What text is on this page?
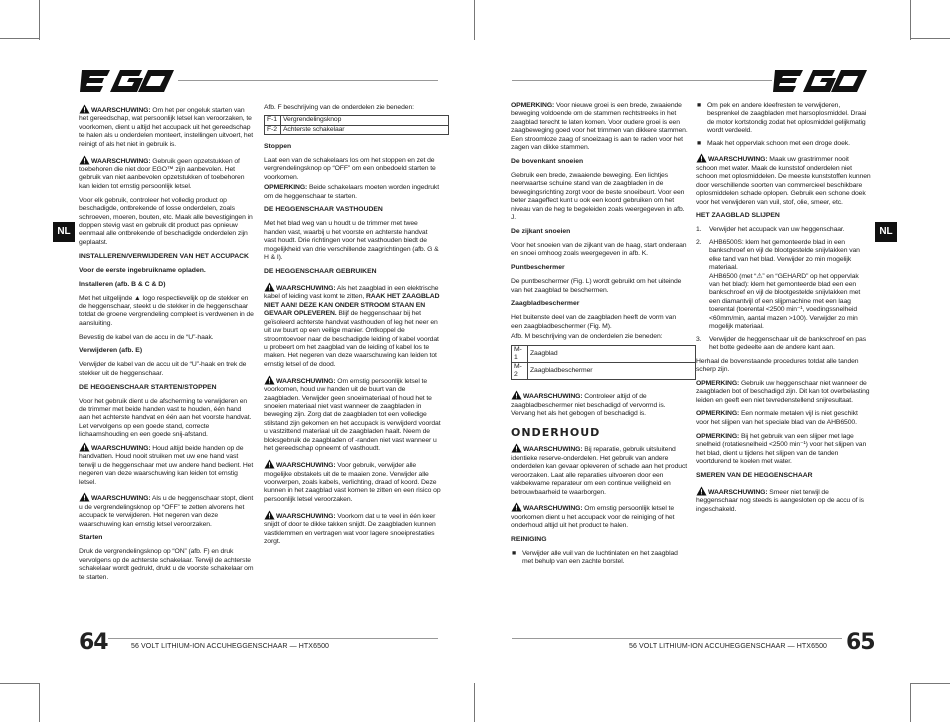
NL	NL

WAARSCHUWING: Om het per ongeluk starten van het gereedschap, wat persoonlijk letsel kan veroorzaken, te voorkomen, dient u altijd het accupack uit het gereedschap te halen als u onderdelen monteert, instellingen uitvoert, het reinigt of als het niet in gebruik is.

WAARSCHUWING: Gebruik geen opzetstukken of toebehoren die niet door EGO™ zijn aanbevolen. Het gebruik van niet aanbevolen opzetstukken of toebehoren kan leiden tot ernstig persoonlijk letsel.

Voor elk gebruik, controleer het volledig product op beschadigde, ontbrekende of losse onderdelen, zoals schroeven, moeren, bouten, etc. Maak alle bevestigingen in doppen stevig vast en gebruik dit product pas opnieuw eenmaal alle ontbrekende of beschadigde onderdelen zijn geplaatst.

INSTALLEREN/VERWIJDEREN VAN HET ACCUPACK
Voor de eerste ingebruikname opladen.
Installeren (afb. B & C & D)

Met het uitgelijnde ▲ logo respectievelijk op de stekker en de heggenschaar, steekt u de stekker in de heggenschaar totdat de groene vergrendeling compleet is verdwenen in de aansluiting.

Bevestig de kabel van de accu in de “U”-haak.

Verwijderen (afb. E)

Verwijder de kabel van de accu uit de “U”-haak en trek de stekker uit de heggenschaar.

DE HEGGENSCHAAR STARTEN/STOPPEN

Voor het gebruik dient u de afscherming te verwijderen en de trimmer met beide handen vast te houden, één hand aan het achterste handvat en één aan het voorste handvat. Let vervolgens op een goede stand, correcte lichaamshouding en een goede snij-afstand.

WAARSCHUWING: Houd altijd beide handen op de handvatten. Houd nooit struiken met uw ene hand vast terwijl u de heggenschaar met uw andere hand bedient. Het negeren van deze waarschuwing kan leiden tot ernstig letsel.

WAARSCHUWING: Als u de heggenschaar stopt, dient u de vergrendelingsknop op “OFF” te zetten alvorens het accupack te verwijderen. Het negeren van deze waarschuwing kan ernstig letsel veroorzaken.

Starten

Druk de vergrendelingsknop op “ON” (afb. F) en druk vervolgens op de achterste schakelaar. Terwijl de achterste schakelaar wordt gedrukt, drukt u de voorste schakelaar om te starten.

Afb. F beschrijving van de onderdelen zie beneden:

F-1	Vergrendelingsknop
F-2	Achterste schakelaar
Stoppen

Laat een van de schakelaars los om het stoppen en zet de vergrendelingsknop op “OFF” om een onbedoeld starten te voorkomen.

OPMERKING: Beide schakelaars moeten worden ingedrukt om de heggenschaar te starten.

DE HEGGENSCHAAR VASTHOUDEN

Met het blad weg van u houdt u de trimmer met twee handen vast, waarbij u het voorste en achterste handvat vast houdt. Drie richtingen voor het vasthouden biedt de mogelijkheid van drie verschillende zaagrichtingen (afb. G & H & I).

DE HEGGENSCHAAR GEBRUIKEN

WAARSCHUWING: Als het zaagblad in een elektrische kabel of leiding vast komt te zitten, RAAK HET ZAAGBLAD NIET AAN! DEZE KAN ONDER STROOM STAAN EN GEVAAR OPLEVEREN. Blijf de heggenschaar bij het geïsoleerd achterste handvat vasthouden of leg het neer en uit uw buurt op een veilige manier. Ontkoppel de stroomtoevoer naar de beschadigde leiding of kabel voordat u probeert om het zaagblad van de leiding of kabel los te maken. Het negeren van deze waarschuwing kan leiden tot ernstig letsel of de dood.

WAARSCHUWING: Om ernstig persoonlijk letsel te voorkomen, houd uw handen uit de buurt van de zaagbladen. Verwijder geen snoeimateriaal of houd het te snoeien materiaal niet vast wanneer de zaagbladen in beweging zijn. Zorg dat de zaagbladen tot een volledige stilstand zijn gekomen en het accupack is verwijderd voordat u vastzittend materiaal uit de zaagbladen haalt. Neem de bloksgebruik de zaagbladen of -randen niet vast wanneer u het gereedschap opneemt of vasthoudt.

WAARSCHUWING: Voor gebruik, verwijder alle mogelijke obstakels uit de te maaien zone. Verwijder alle voorwerpen, zoals kabels, verlichting, draad of koord. Deze kunnen in het zaagblad vast komen te zitten en een risico op persoonlijk letsel veroorzaken.

WAARSCHUWING: Voorkom dat u te veel in één keer snijdt of door te dikke takken snijdt. De zaagbladen kunnen vastklemmen en vertragen wat voor lagere snoeiprestaties zorgt.

OPMERKING: Voor nieuwe groei is een brede, zwaaiende beweging voldoende om de stammen rechtstreeks in het zaagblad terecht te laten komen. Voor oudere groei is een zaagbeweging goed voor het trimmen van dikkere stammen. Een stroomloze zaag of snoeizaag is aan te raden voor het zagen van dikke stammen.

De bovenkant snoeien

Gebruik een brede, zwaaiende beweging. Een lichtjes neerwaartse schuine stand van de zaagbladen in de bewegingsrichting zorgt voor de beste snoeibeurt. Voor een beter zaageffect kunt u ook een koord gebruiken om het niveau van de heg te begeleiden zoals weergegeven in afb. J.

De zijkant snoeien

Voor het snoeien van de zijkant van de haag, start onderaan en snoei omhoog zoals weergegeven in afb. K.

Puntbeschermer

De puntbeschermer (Fig. L) wordt gebruikt om het uiteinde van het zaagblad te beschermen.

Zaagbladbeschermer

Het buitenste deel van de zaagbladen heeft de vorm van een zaagbladbeschermer (Fig. M).

Afb. M beschrijving van de onderdelen zie beneden:

M-1	Zaagblad
M-2	Zaagbladbeschermer

WAARSCHUWING: Controleer altijd of de zaagbladbeschermer niet beschadigd of vervormd is. Vervang het als het gebogen of beschadigd is.

ONDERHOUD

WAARSCHUWING: Bij reparatie, gebruik uitsluitend identieke reserve-onderdelen. Het gebruik van andere onderdelen kan gevaar opleveren of schade aan het product veroorzaken. Laat alle reparaties uitvoeren door een vakbekwame reparateur om een continue veiligheid en betrouwbaarheid te waarborgen.

WAARSCHUWING: Om ernstig persoonlijk letsel te voorkomen dient u het accupack voor de reiniging of het onderhoud altijd uit het product te halen.

REINIGING
■ Verwijder alle vuil van de luchtinlaten en het zaagblad met behulp van een zachte borstel.
■ Om pek en andere kleefresten te verwijderen, besprenkel de zaagbladen met harsoplosmiddel. Draai de motor kortstondig zodat het oplosmiddel gelijkmatig wordt verdeeld.
■ Maak het oppervlak schoon met een droge doek.

WAARSCHUWING: Maak uw grastrimmer nooit schoon met water. Maak de kunststof onderdelen niet schoon met oplosmiddelen. De meeste kunststoffen kunnen door verschillende soorten van commercieel beschikbare oplosmiddelen schade oplopen. Gebruik een schone doek voor het verwijderen van vuil, stof, olie, smeer, etc.

HET ZAAGBLAD SLIJPEN
1. Verwijder het accupack van uw heggenschaar.
2. AHB6500S: klem het gemonteerde blad in een bankschroef en vijl de blootgestelde snijvlakken van elke tand van het blad. Verwijder zo min mogelijk materiaal.
AHB6500 (met “⚠” en “GEHARD” op het oppervlak van het blad): klem het gemonteerde blad een een bankschroef en vijl de blootgestelde snijvlakken met een diamantvijl of een slijpmachine met een laag toerental (toerental <2500 min⁻¹, voedingssnelheid <60mm/min, aantal mazen >100). Verwijder zo min mogelijk materiaal.
3. Verwijder de heggenschaar uit de bankschroef en pas het botte gedeelte aan de andere kant aan.

Herhaal de bovenstaande procedures totdat alle tanden scherp zijn.

OPMERKING: Gebruik uw heggenschaar niet wanneer de zaagbladen bot of beschadigd zijn. Dit kan tot overbelasting leiden en geeft een niet tevredenstellend snijresultaat.

OPMERKING: Een normale metalen vijl is niet geschikt voor het slijpen van het speciale blad van de AHB6500.

OPMERKING: Bij het gebruik van een slijper met lage snelheid (rotatiesnelheid <2500 min⁻¹) voor het slijpen van het blad, dient u tijdens het slijpen van de tanden voortdurend te koelen met water.

SMEREN VAN DE HEGGENSCHAAR

WAARSCHUWING: Smeer niet terwijl de heggenschaar nog steeds is aangesloten op de accu of is ingeschakeld.

64	56 VOLT LITHIUM-ION ACCUHEGGENSCHAAR — HTX6500	56 VOLT LITHIUM-ION ACCUHEGGENSCHAAR — HTX6500 65
